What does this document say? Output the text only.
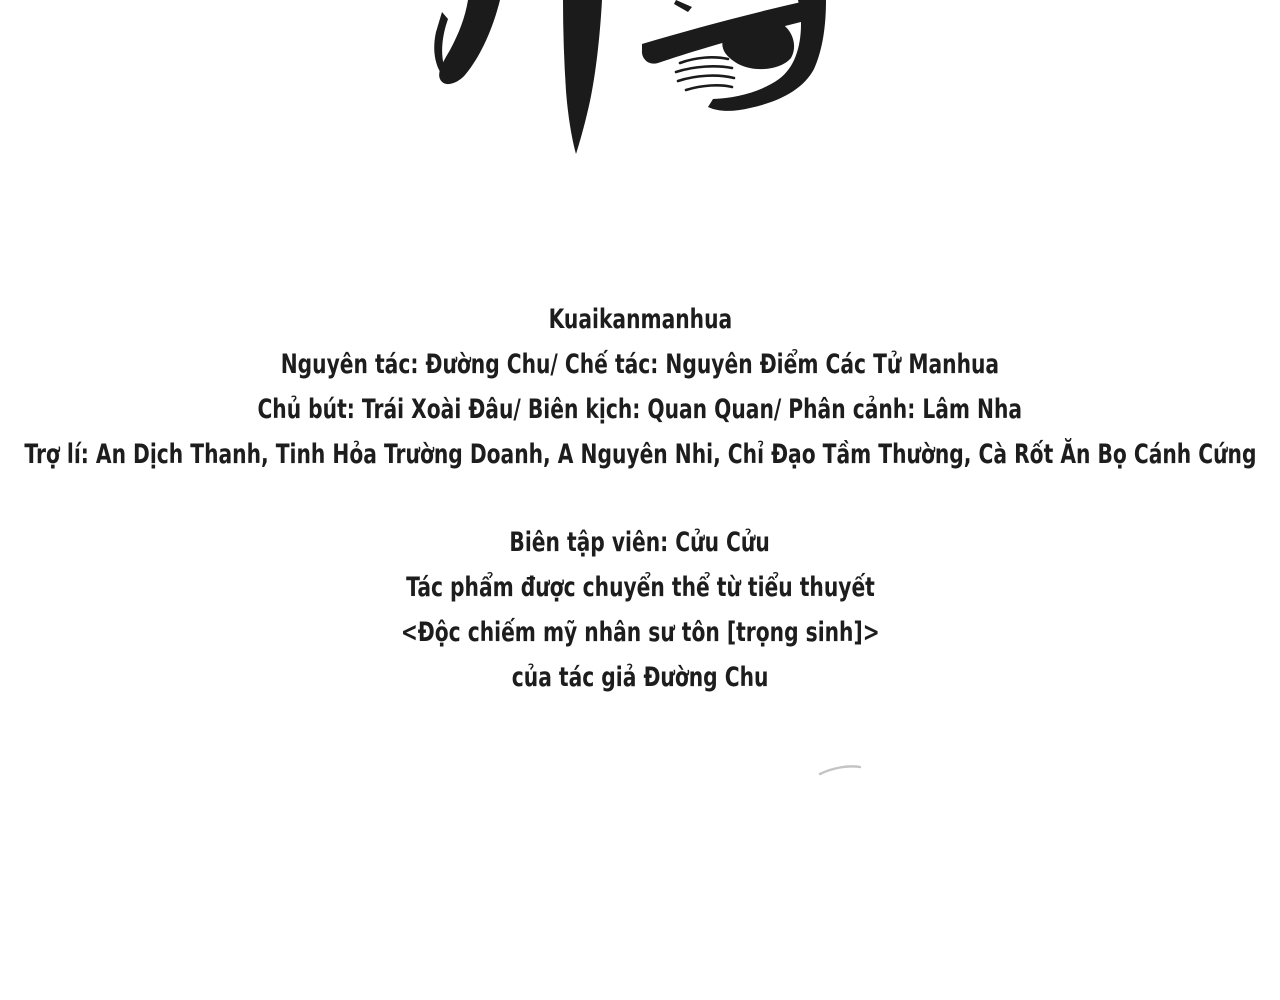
Kuaikanmanhua
Nguyên tác: Đường Chu/ Chế tác: Nguyên Điểm Các Tử Manhua
Chủ bút: Trái Xoài Đâu/ Biên kịch: Quan Quan/ Phân cảnh: Lâm Nha
Trợ lí: An Dịch Thanh, Tinh Hỏa Trường Doanh, A Nguyên Nhi, Chỉ Đạo Tầm Thường, Cà Rốt Ăn Bọ Cánh Cứng
Biên tập viên: Cửu Cửu
Tác phẩm được chuyển thể từ tiểu thuyết
<Độc chiếm mỹ nhân sư tôn [trọng sinh]>
của tác giả Đường Chu
